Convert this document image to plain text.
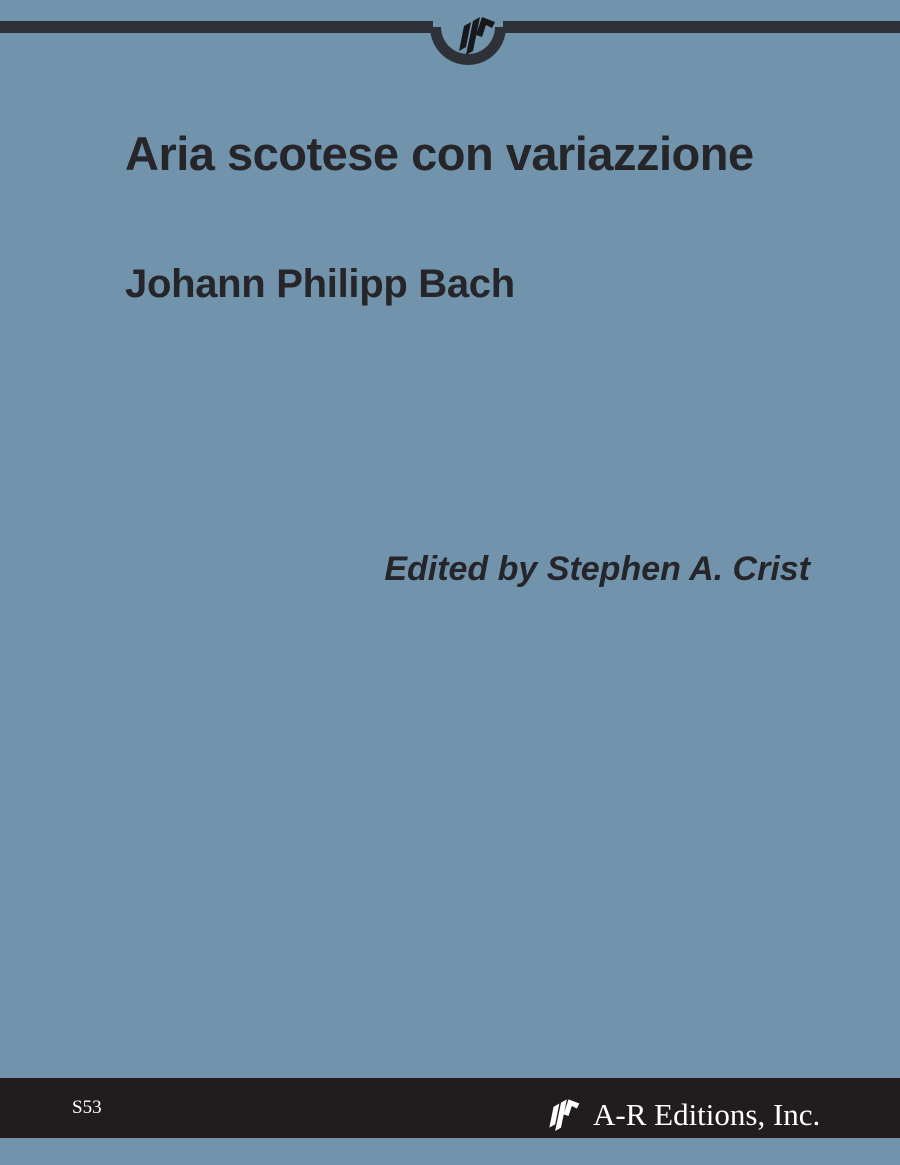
Aria scotese con variazzione
Johann Philipp Bach
Edited by Stephen A. Crist
S53	A-R Editions, Inc.
